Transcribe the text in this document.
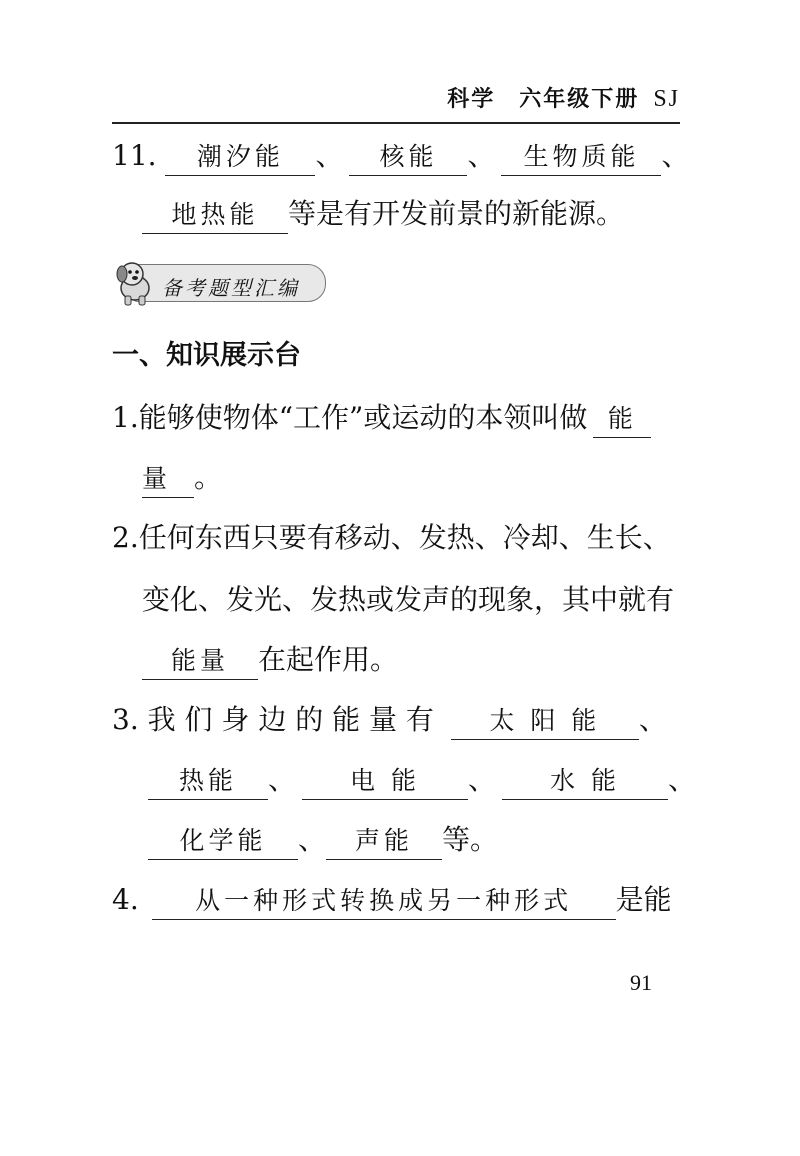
科学　六年级下册 SJ
11. 潮汐能 、 核能 、 生物质能 、
地热能 等是有开发前景的新能源。
备考题型汇编
一、知识展示台
1.能够使物体“工作”或运动的本领叫做 能
量 。
2.任何东西只要有移动、发热、冷却、生长、
变化、发光、发热或发声的现象，其中就有
能量 在起作用。
3. 我 们 身 边 的 能 量 有 太 阳 能 、
热能 、 电 能 、 水 能 、
化学能 、 声能 等。
4. 从一种形式转换成另一种形式 是能
91
